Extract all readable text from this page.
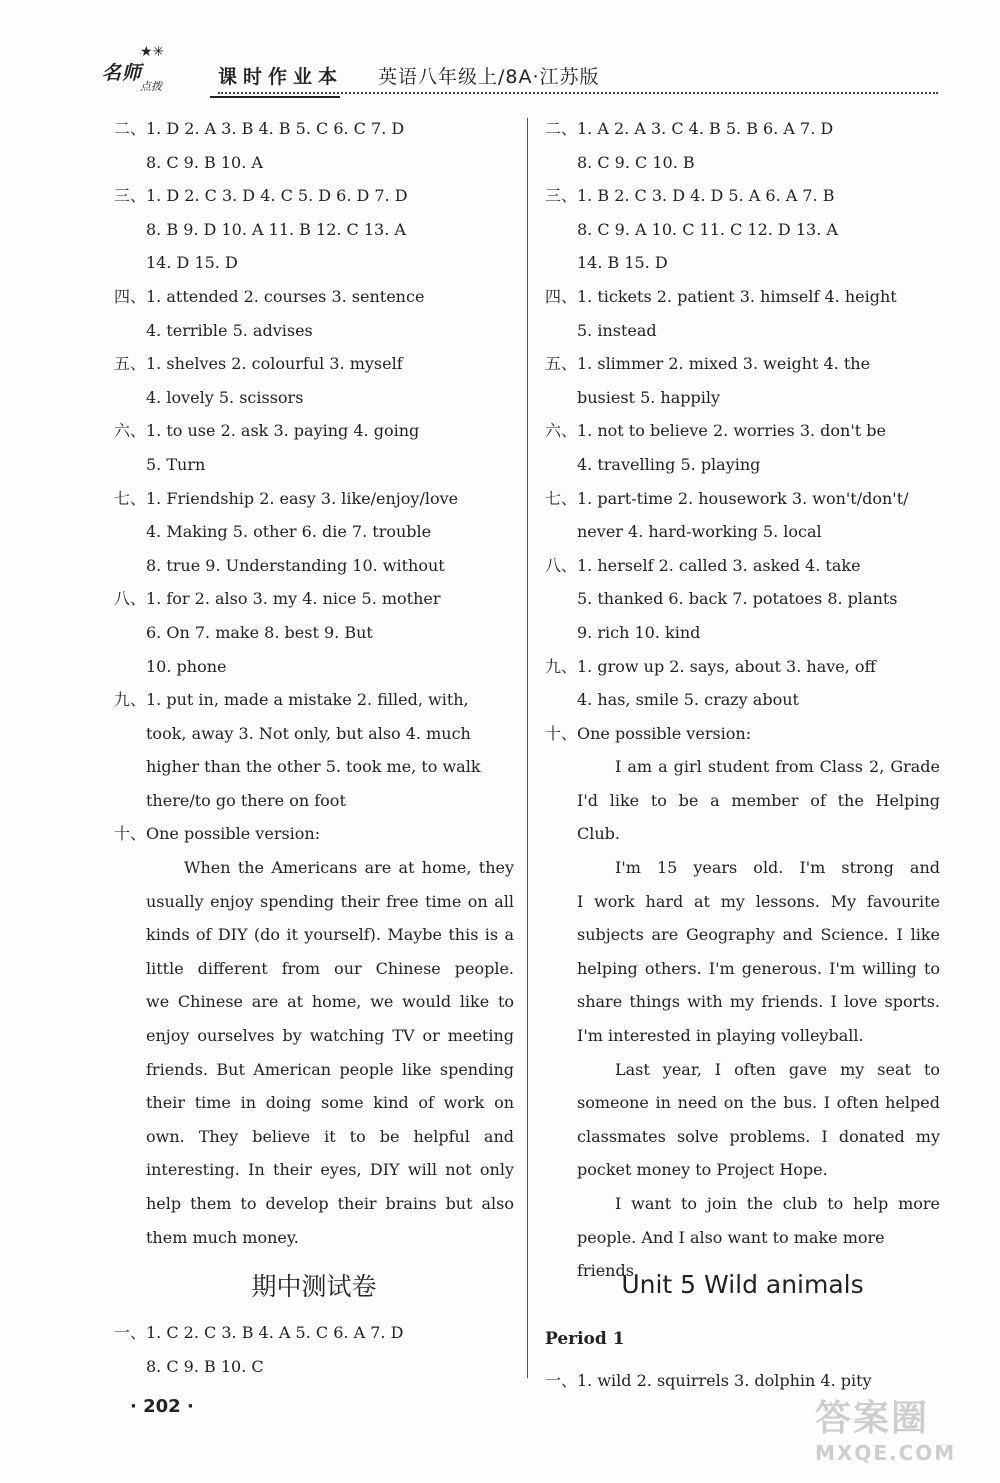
★✳
名师
点拨	课时作业本 英语八年级上/8A·江苏版
二、1. D 2. A 3. B 4. B 5. C 6. C 7. D
8. C 9. B 10. A
三、1. D 2. C 3. D 4. C 5. D 6. D 7. D
8. B 9. D 10. A 11. B 12. C 13. A
14. D 15. D
四、1. attended 2. courses 3. sentence
4. terrible 5. advises
五、1. shelves 2. colourful 3. myself
4. lovely 5. scissors
六、1. to use 2. ask 3. paying 4. going
5. Turn
七、1. Friendship 2. easy 3. like/enjoy/love
4. Making 5. other 6. die 7. trouble
8. true 9. Understanding 10. without
八、1. for 2. also 3. my 4. nice 5. mother
6. On 7. make 8. best 9. But
10. phone
九、1. put in, made a mistake 2. filled, with,
took, away 3. Not only, but also 4. much
higher than the other 5. took me, to walk
there/to go there on foot
十、One possible version:
When the Americans are at home, they
usually enjoy spending their free time on all
kinds of DIY (do it yourself). Maybe this is a
little different from our Chinese people.
we Chinese are at home, we would like to
enjoy ourselves by watching TV or meeting
friends. But American people like spending
their time in doing some kind of work on
own. They believe it to be helpful and
interesting. In their eyes, DIY will not only
help them to develop their brains but also
them much money.
期中测试卷
一、1. C 2. C 3. B 4. A 5. C 6. A 7. D
8. C 9. B 10. C
二、1. A 2. A 3. C 4. B 5. B 6. A 7. D
8. C 9. C 10. B
三、1. B 2. C 3. D 4. D 5. A 6. A 7. B
8. C 9. A 10. C 11. C 12. D 13. A
14. B 15. D
四、1. tickets 2. patient 3. himself 4. height
5. instead
五、1. slimmer 2. mixed 3. weight 4. the
busiest 5. happily
六、1. not to believe 2. worries 3. don't be
4. travelling 5. playing
七、1. part-time 2. housework 3. won't/don't/
never 4. hard-working 5. local
八、1. herself 2. called 3. asked 4. take
5. thanked 6. back 7. potatoes 8. plants
9. rich 10. kind
九、1. grow up 2. says, about 3. have, off
4. has, smile 5. crazy about
十、One possible version:
I am a girl student from Class 2, Grade
I'd like to be a member of the Helping
Club.
I'm 15 years old. I'm strong and
I work hard at my lessons. My favourite
subjects are Geography and Science. I like
helping others. I'm generous. I'm willing to
share things with my friends. I love sports.
I'm interested in playing volleyball.
Last year, I often gave my seat to
someone in need on the bus. I often helped
classmates solve problems. I donated my
pocket money to Project Hope.
I want to join the club to help more
people. And I also want to make more friends.
Unit 5 Wild animals
Period 1
一、1. wild 2. squirrels 3. dolphin 4. pity
· 202 ·	答案圈
MXQE.COM
